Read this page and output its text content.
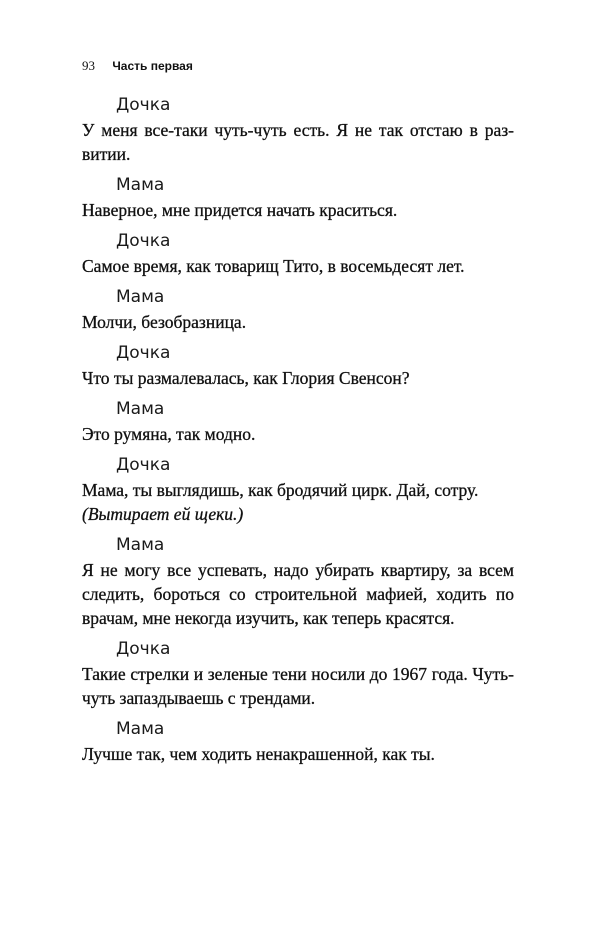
93 Часть первая
Дочка
У меня все-таки чуть-чуть есть. Я не так отстаю в раз-
витии.
Мама
Наверное, мне придется начать краситься.
Дочка
Самое время, как товарищ Тито, в восемьдесят лет.
Мама
Молчи, безобразница.
Дочка
Что ты размалевалась, как Глория Свенсон?
Мама
Это румяна, так модно.
Дочка
Мама, ты выглядишь, как бродячий цирк. Дай, сотру.
(Вытирает ей щеки.)
Мама
Я не могу все успевать, надо убирать квартиру, за всем
следить, бороться со строительной мафией, ходить по
врачам, мне некогда изучить, как теперь красятся.
Дочка
Такие стрелки и зеленые тени носили до 1967 года. Чуть-
чуть запаздываешь с трендами.
Мама
Лучше так, чем ходить ненакрашенной, как ты.
